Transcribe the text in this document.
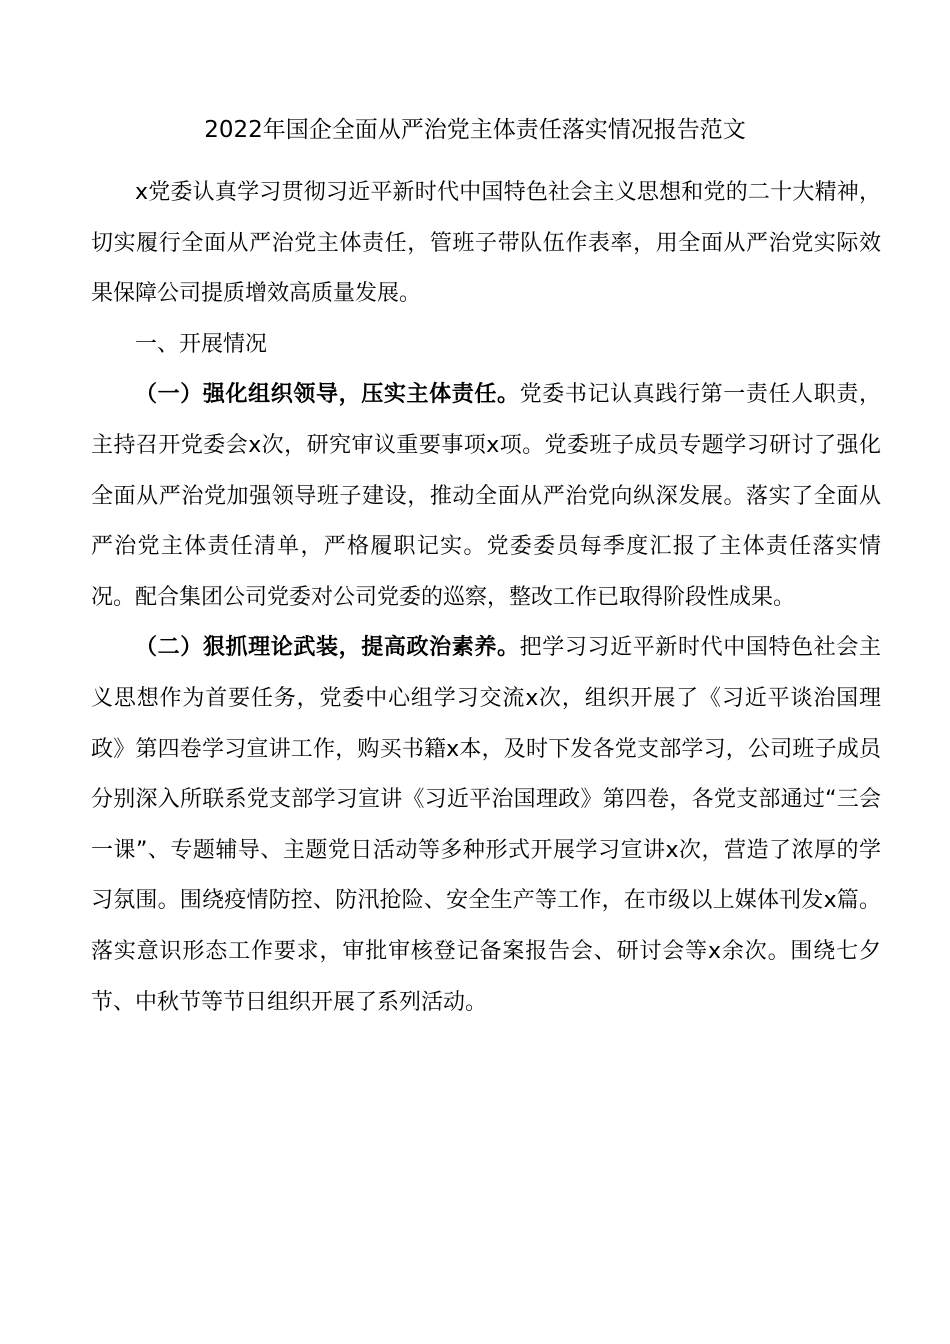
2022年国企全面从严治党主体责任落实情况报告范文

x党委认真学习贯彻习近平新时代中国特色社会主义思想和党的二十大精神，切实履行全面从严治党主体责任，管班子带队伍作表率，用全面从严治党实际效果保障公司提质增效高质量发展。

一、开展情况

（一）强化组织领导，压实主体责任。党委书记认真践行第一责任人职责，主持召开党委会x次，研究审议重要事项x项。党委班子成员专题学习研讨了强化全面从严治党加强领导班子建设，推动全面从严治党向纵深发展。落实了全面从严治党主体责任清单，严格履职记实。党委委员每季度汇报了主体责任落实情况。配合集团公司党委对公司党委的巡察，整改工作已取得阶段性成果。

（二）狠抓理论武装，提高政治素养。把学习习近平新时代中国特色社会主义思想作为首要任务，党委中心组学习交流x次，组织开展了《习近平谈治国理政》第四卷学习宣讲工作，购买书籍x本，及时下发各党支部学习，公司班子成员分别深入所联系党支部学习宣讲《习近平治国理政》第四卷，各党支部通过“三会一课”、专题辅导、主题党日活动等多种形式开展学习宣讲x次，营造了浓厚的学习氛围。围绕疫情防控、防汛抢险、安全生产等工作，在市级以上媒体刊发x篇。落实意识形态工作要求，审批审核登记备案报告会、研讨会等x余次。围绕七夕节、中秋节等节日组织开展了系列活动。
